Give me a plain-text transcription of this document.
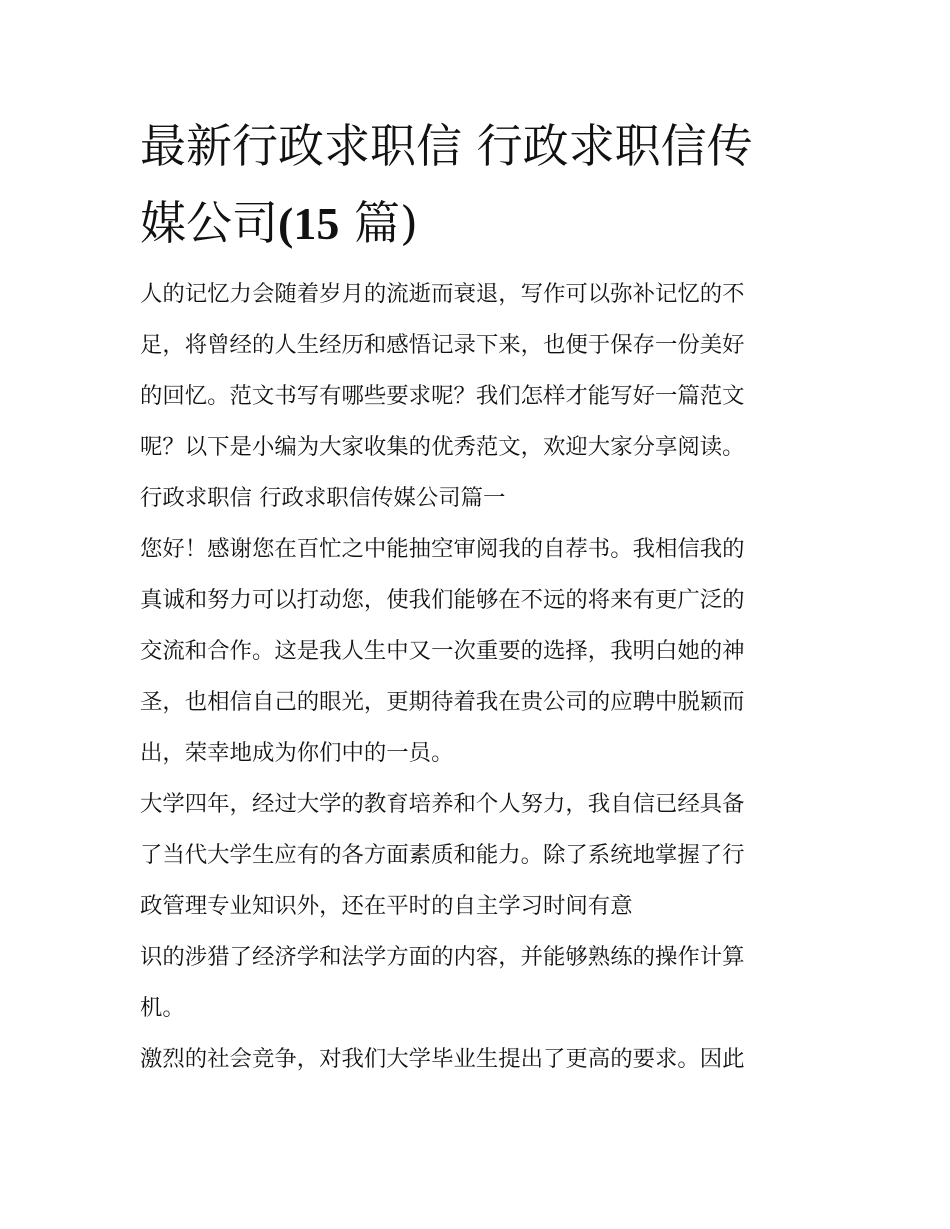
最新行政求职信 行政求职信传
媒公司(15 篇)

人的记忆力会随着岁月的流逝而衰退，写作可以弥补记忆的不
足，将曾经的人生经历和感悟记录下来，也便于保存一份美好
的回忆。范文书写有哪些要求呢？我们怎样才能写好一篇范文
呢？以下是小编为大家收集的优秀范文，欢迎大家分享阅读。

行政求职信 行政求职信传媒公司篇一

您好！感谢您在百忙之中能抽空审阅我的自荐书。我相信我的
真诚和努力可以打动您，使我们能够在不远的将来有更广泛的
交流和合作。这是我人生中又一次重要的选择，我明白她的神
圣，也相信自己的眼光，更期待着我在贵公司的应聘中脱颖而
出，荣幸地成为你们中的一员。

大学四年，经过大学的教育培养和个人努力，我自信已经具备
了当代大学生应有的各方面素质和能力。除了系统地掌握了行
政管理专业知识外，还在平时的自主学习时间有意

识的涉猎了经济学和法学方面的内容，并能够熟练的操作计算
机。

激烈的社会竞争，对我们大学毕业生提出了更高的要求。因此
